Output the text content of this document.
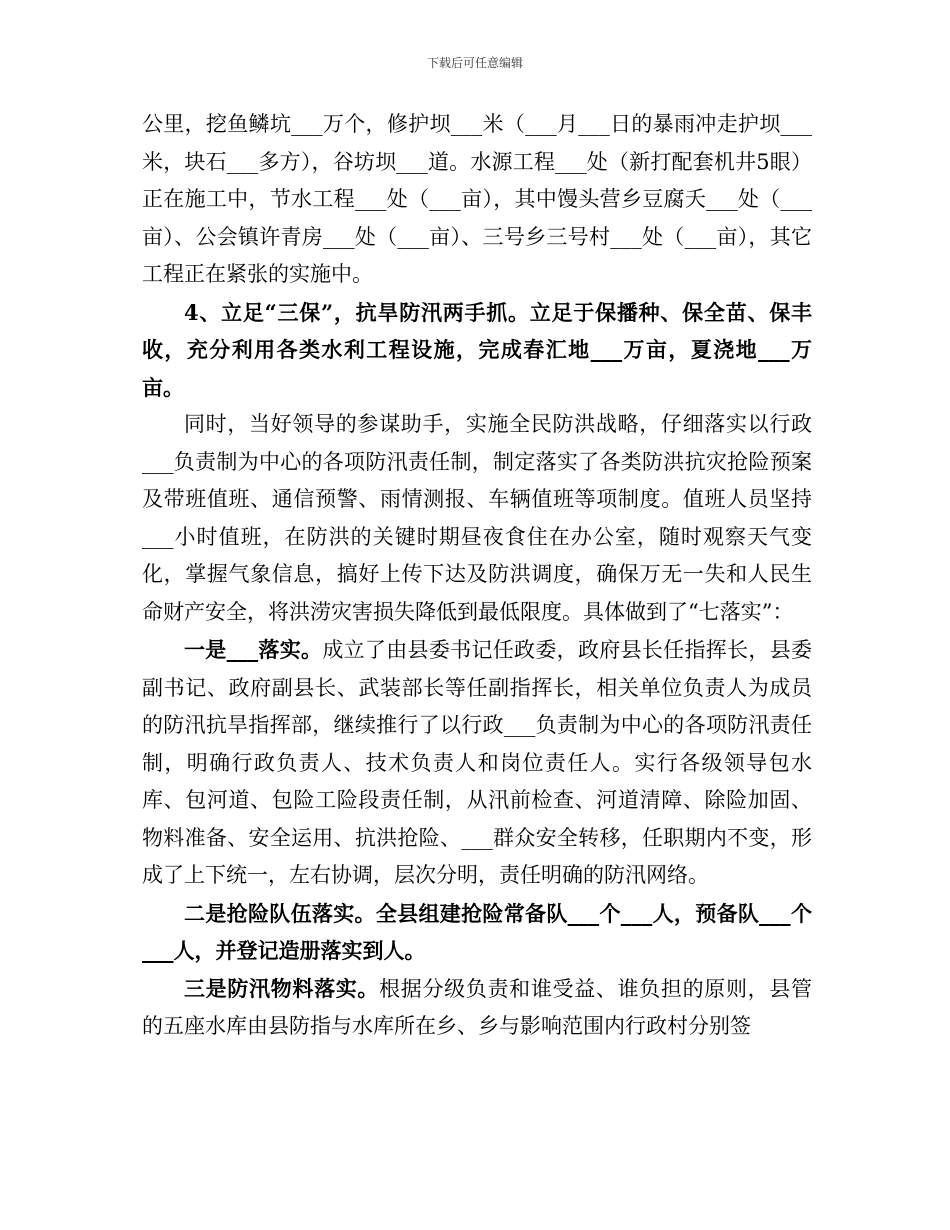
下载后可任意编辑

公里，挖鱼鳞坑___万个，修护坝___米（___月___日的暴雨冲走护坝___米，块石___多方），谷坊坝___道。水源工程___处（新打配套机井5眼）正在施工中，节水工程___处（___亩），其中馒头营乡豆腐夭___处（___亩）、公会镇许青房___处（___亩）、三号乡三号村___处（___亩），其它工程正在紧张的实施中。

4、立足“三保”，抗旱防汛两手抓。立足于保播种、保全苗、保丰收，充分利用各类水利工程设施，完成春汇地___万亩，夏浇地___万亩。

同时，当好领导的参谋助手，实施全民防洪战略，仔细落实以行政___负责制为中心的各项防汛责任制，制定落实了各类防洪抗灾抢险预案及带班值班、通信预警、雨情测报、车辆值班等项制度。值班人员坚持___小时值班，在防洪的关键时期昼夜食住在办公室，随时观察天气变化，掌握气象信息，搞好上传下达及防洪调度，确保万无一失和人民生命财产安全，将洪涝灾害损失降低到最低限度。具体做到了“七落实”：

一是___落实。成立了由县委书记任政委，政府县长任指挥长，县委副书记、政府副县长、武装部长等任副指挥长，相关单位负责人为成员的防汛抗旱指挥部，继续推行了以行政___负责制为中心的各项防汛责任制，明确行政负责人、技术负责人和岗位责任人。实行各级领导包水库、包河道、包险工险段责任制，从汛前检查、河道清障、除险加固、物料准备、安全运用、抗洪抢险、___群众安全转移，任职期内不变，形成了上下统一，左右协调，层次分明，责任明确的防汛网络。

二是抢险队伍落实。全县组建抢险常备队___个___人，预备队___个___人，并登记造册落实到人。

三是防汛物料落实。根据分级负责和谁受益、谁负担的原则，县管的五座水库由县防指与水库所在乡、乡与影响范围内行政村分别签
